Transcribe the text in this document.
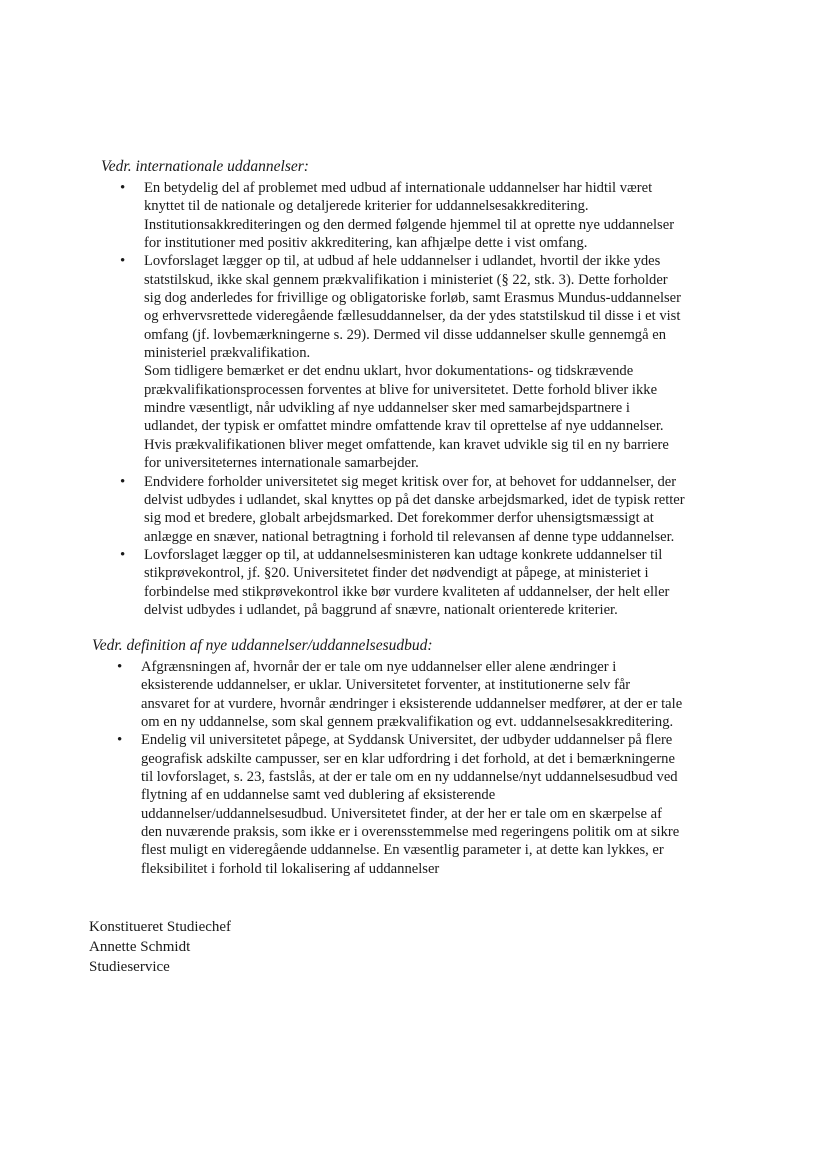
Vedr. internationale uddannelser:

• En betydelig del af problemet med udbud af internationale uddannelser har hidtil været
knyttet til de nationale og detaljerede kriterier for uddannelsesakkreditering.
Institutionsakkrediteringen og den dermed følgende hjemmel til at oprette nye uddannelser
for institutioner med positiv akkreditering, kan afhjælpe dette i vist omfang.
• Lovforslaget lægger op til, at udbud af hele uddannelser i udlandet, hvortil der ikke ydes
statstilskud, ikke skal gennem prækvalifikation i ministeriet (§ 22, stk. 3). Dette forholder
sig dog anderledes for frivillige og obligatoriske forløb, samt Erasmus Mundus-uddannelser
og erhvervsrettede videregående fællesuddannelser, da der ydes statstilskud til disse i et vist
omfang (jf. lovbemærkningerne s. 29). Dermed vil disse uddannelser skulle gennemgå en
ministeriel prækvalifikation.
Som tidligere bemærket er det endnu uklart, hvor dokumentations- og tidskrævende
prækvalifikationsprocessen forventes at blive for universitetet. Dette forhold bliver ikke
mindre væsentligt, når udvikling af nye uddannelser sker med samarbejdspartnere i
udlandet, der typisk er omfattet mindre omfattende krav til oprettelse af nye uddannelser.
Hvis prækvalifikationen bliver meget omfattende, kan kravet udvikle sig til en ny barriere
for universiteternes internationale samarbejder.
• Endvidere forholder universitetet sig meget kritisk over for, at behovet for uddannelser, der
delvist udbydes i udlandet, skal knyttes op på det danske arbejdsmarked, idet de typisk retter
sig mod et bredere, globalt arbejdsmarked. Det forekommer derfor uhensigtsmæssigt at
anlægge en snæver, national betragtning i forhold til relevansen af denne type uddannelser.
• Lovforslaget lægger op til, at uddannelsesministeren kan udtage konkrete uddannelser til
stikprøvekontrol, jf. §20. Universitetet finder det nødvendigt at påpege, at ministeriet i
forbindelse med stikprøvekontrol ikke bør vurdere kvaliteten af uddannelser, der helt eller
delvist udbydes i udlandet, på baggrund af snævre, nationalt orienterede kriterier.

Vedr. definition af nye uddannelser/uddannelsesudbud:

• Afgrænsningen af, hvornår der er tale om nye uddannelser eller alene ændringer i
eksisterende uddannelser, er uklar. Universitetet forventer, at institutionerne selv får
ansvaret for at vurdere, hvornår ændringer i eksisterende uddannelser medfører, at der er tale
om en ny uddannelse, som skal gennem prækvalifikation og evt. uddannelsesakkreditering.
• Endelig vil universitetet påpege, at Syddansk Universitet, der udbyder uddannelser på flere
geografisk adskilte campusser, ser en klar udfordring i det forhold, at det i bemærkningerne
til lovforslaget, s. 23, fastslås, at der er tale om en ny uddannelse/nyt uddannelsesudbud ved
flytning af en uddannelse samt ved dublering af eksisterende
uddannelser/uddannelsesudbud. Universitetet finder, at der her er tale om en skærpelse af
den nuværende praksis, som ikke er i overensstemmelse med regeringens politik om at sikre
flest muligt en videregående uddannelse. En væsentlig parameter i, at dette kan lykkes, er
fleksibilitet i forhold til lokalisering af uddannelser
Konstitueret Studiechef
Annette Schmidt
Studieservice
